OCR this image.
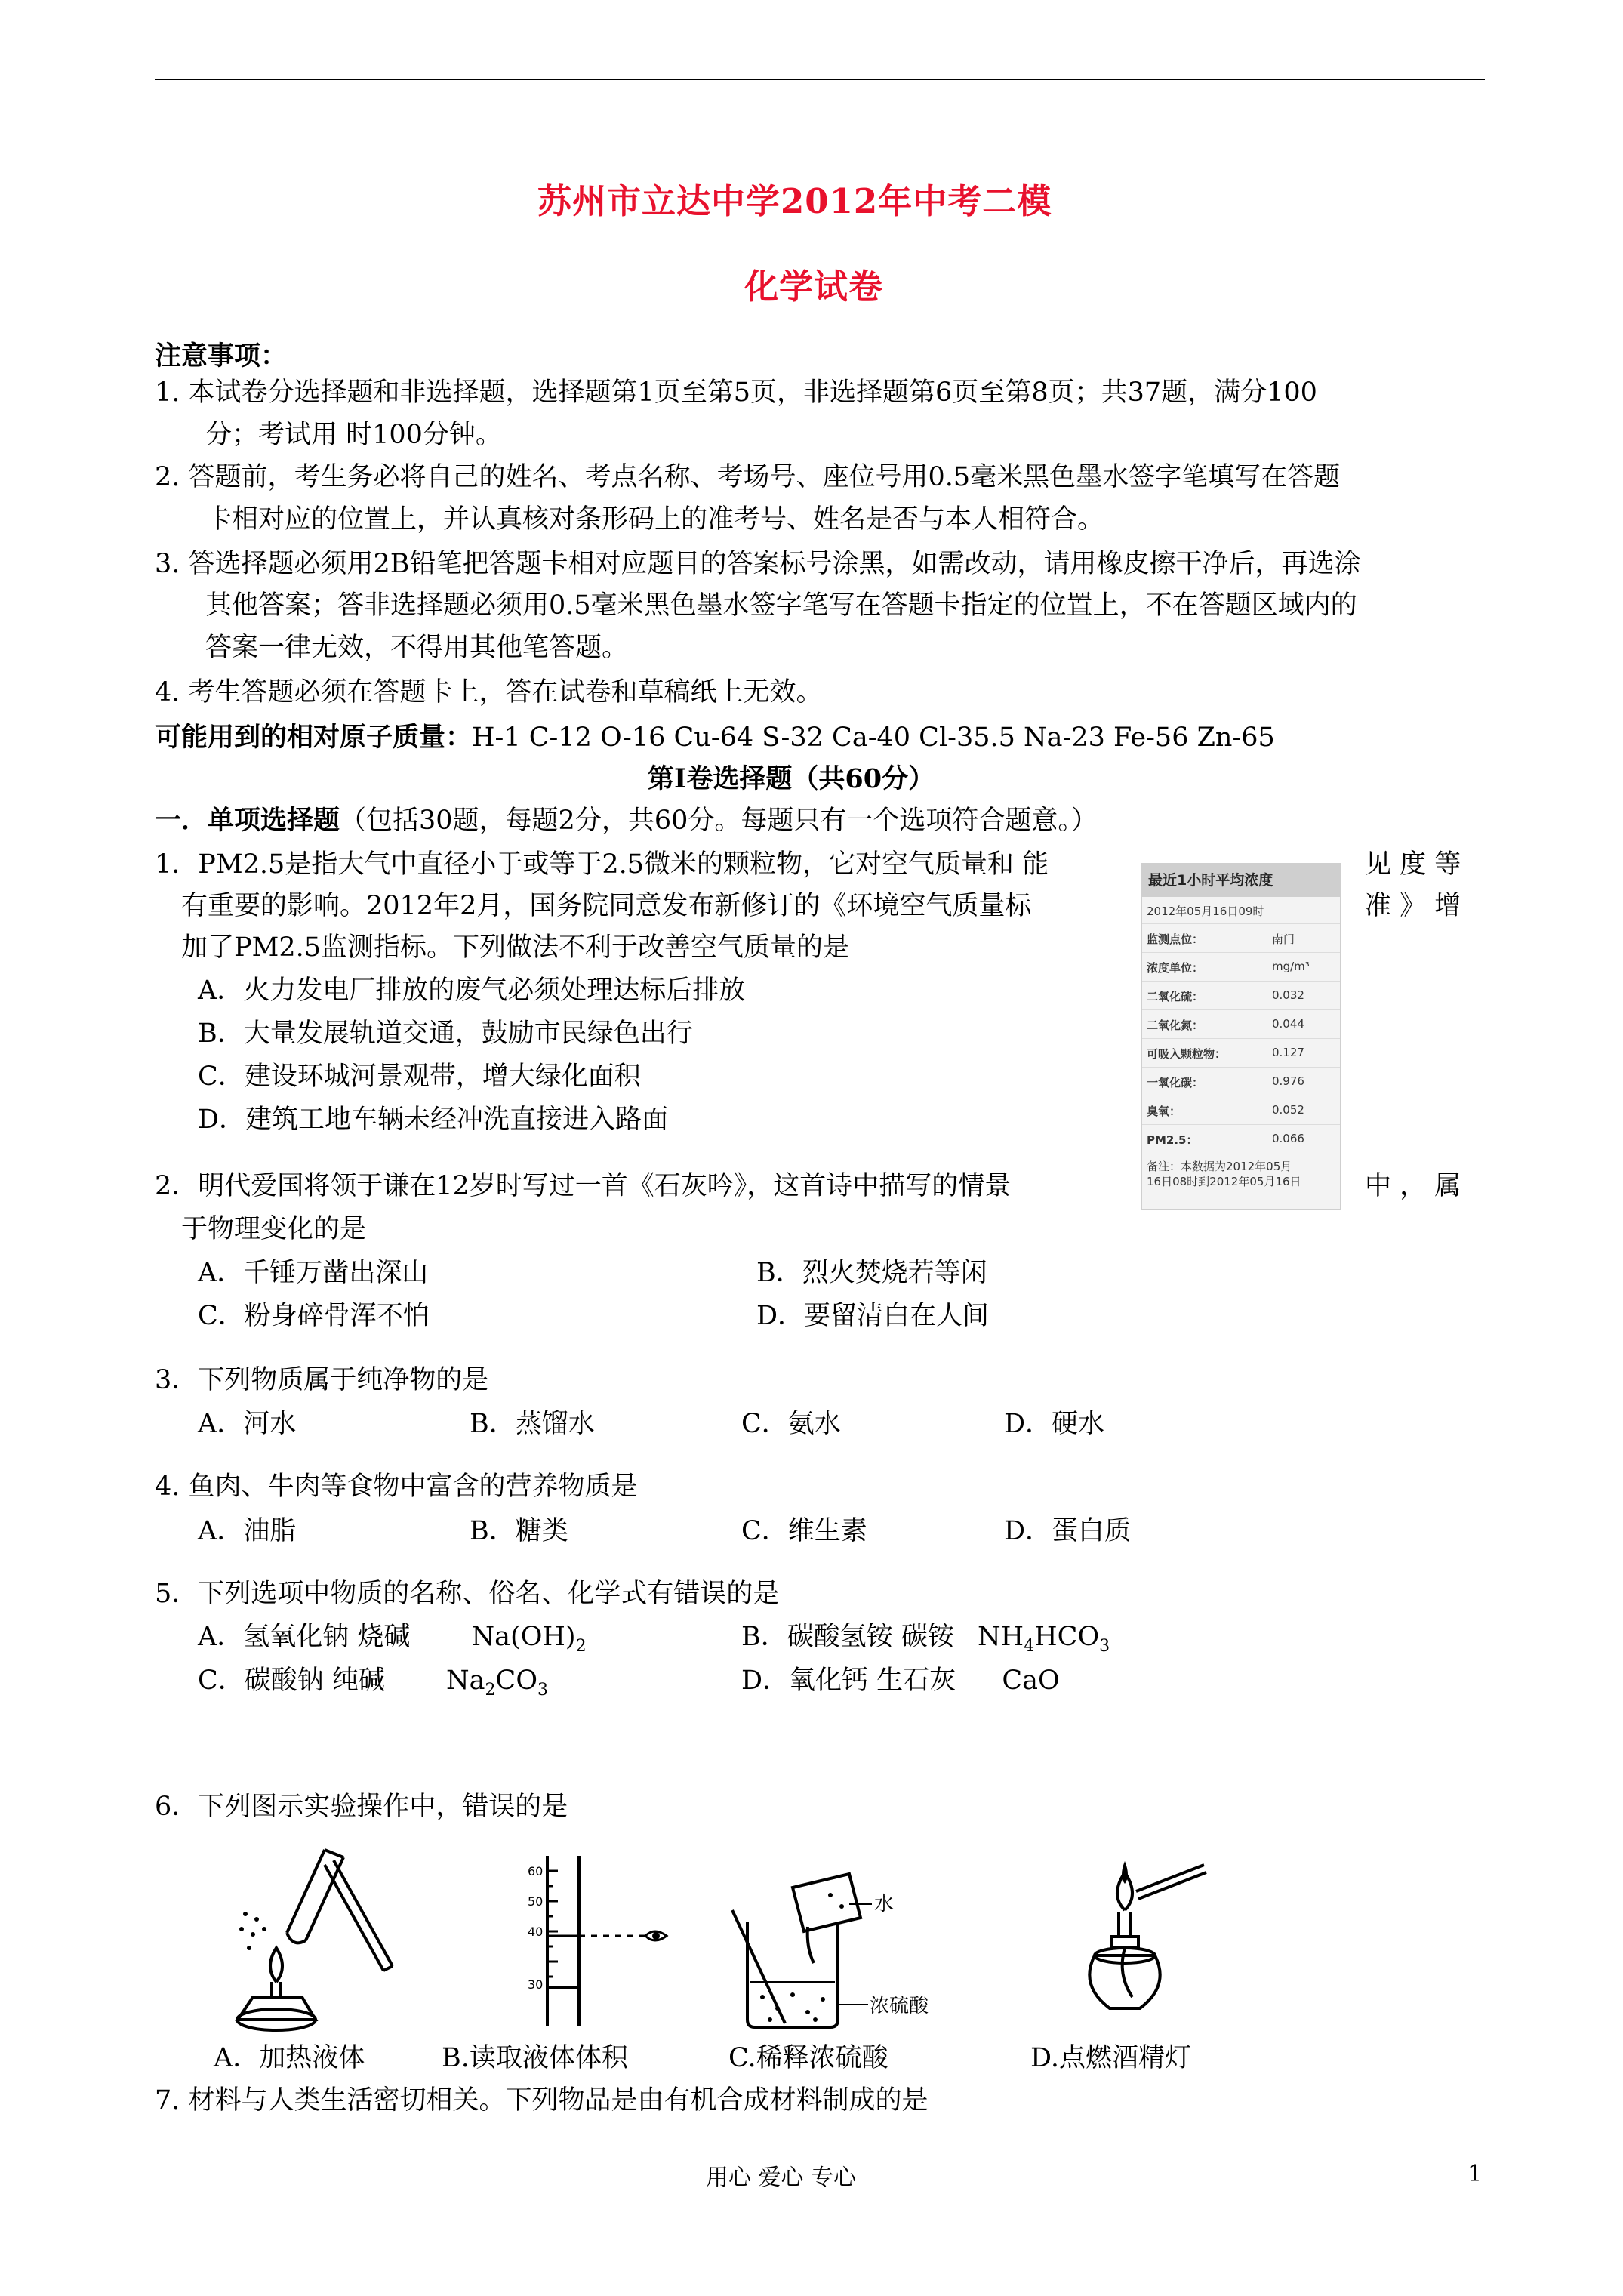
苏州市立达中学2012年中考二模
化学试卷
注意事项：
1. 本试卷分选择题和非选择题，选择题第1页至第5页，非选择题第6页至第8页；共37题，满分100
分；考试用 时100分钟。
2. 答题前，考生务必将自己的姓名、考点名称、考场号、座位号用0.5毫米黑色墨水签字笔填写在答题
卡相对应的位置上，并认真核对条形码上的准考号、姓名是否与本人相符合。
3. 答选择题必须用2B铅笔把答题卡相对应题目的答案标号涂黑，如需改动，请用橡皮擦干净后，再选涂
其他答案；答非选择题必须用0.5毫米黑色墨水签字笔写在答题卡指定的位置上，不在答题区域内的
答案一律无效，不得用其他笔答题。
4. 考生答题必须在答题卡上，答在试卷和草稿纸上无效。
可能用到的相对原子质量：H-1 C-12 O-16 Cu-64 S-32 Ca-40 Cl-35.5 Na-23 Fe-56 Zn-65
第Ⅰ卷选择题（共60分）
一．单项选择题（包括30题，每题2分，共60分。每题只有一个选项符合题意。）
1．PM2.5是指大气中直径小于或等于2.5微米的颗粒物，它对空气质量和 能	见 度 等
有重要的影响。2012年2月，国务院同意发布新修订的《环境空气质量标	准 》 增
加了PM2.5监测指标。下列做法不利于改善空气质量的是
A．火力发电厂排放的废气必须处理达标后排放
B．大量发展轨道交通，鼓励市民绿色出行
C．建设环城河景观带，增大绿化面积
D．建筑工地车辆未经冲洗直接进入路面
最近1小时平均浓度
2012年05月16日09时
监测点位：	南门
浓度单位：	mg/m³
二氧化硫：	0.032
二氧化氮：	0.044
可吸入颗粒物：	0.127
一氧化碳：	0.976
臭氧：	0.052
PM2.5：	0.066
备注：本数据为2012年05月
16日08时到2012年05月16日
2．明代爱国将领于谦在12岁时写过一首《石灰吟》，这首诗中描写的情景	中 ， 属
于物理变化的是
A．千锤万凿出深山	B．烈火焚烧若等闲
C．粉身碎骨浑不怕	D．要留清白在人间
3．下列物质属于纯净物的是
A．河水	B．蒸馏水	C．氨水	D．硬水
4. 鱼肉、牛肉等食物中富含的营养物质是
A．油脂	B．糖类	C．维生素	D．蛋白质
5．下列选项中物质的名称、俗名、化学式有错误的是
A．氢氧化钠 烧碱 $Na(OH)_2$	B．碳酸氢铵 碳铵 $NH_4HCO_3$
C．碳酸钠 纯碱 $Na_2CO_3$	D．氧化钙 生石灰 CaO
6．下列图示实验操作中，错误的是
60
50
40
30
水
浓硫酸
A．加热液体	B.读取液体体积	C.稀释浓硫酸	D.点燃酒精灯
7. 材料与人类生活密切相关。下列物品是由有机合成材料制成的是
用心 爱心 专心	1
